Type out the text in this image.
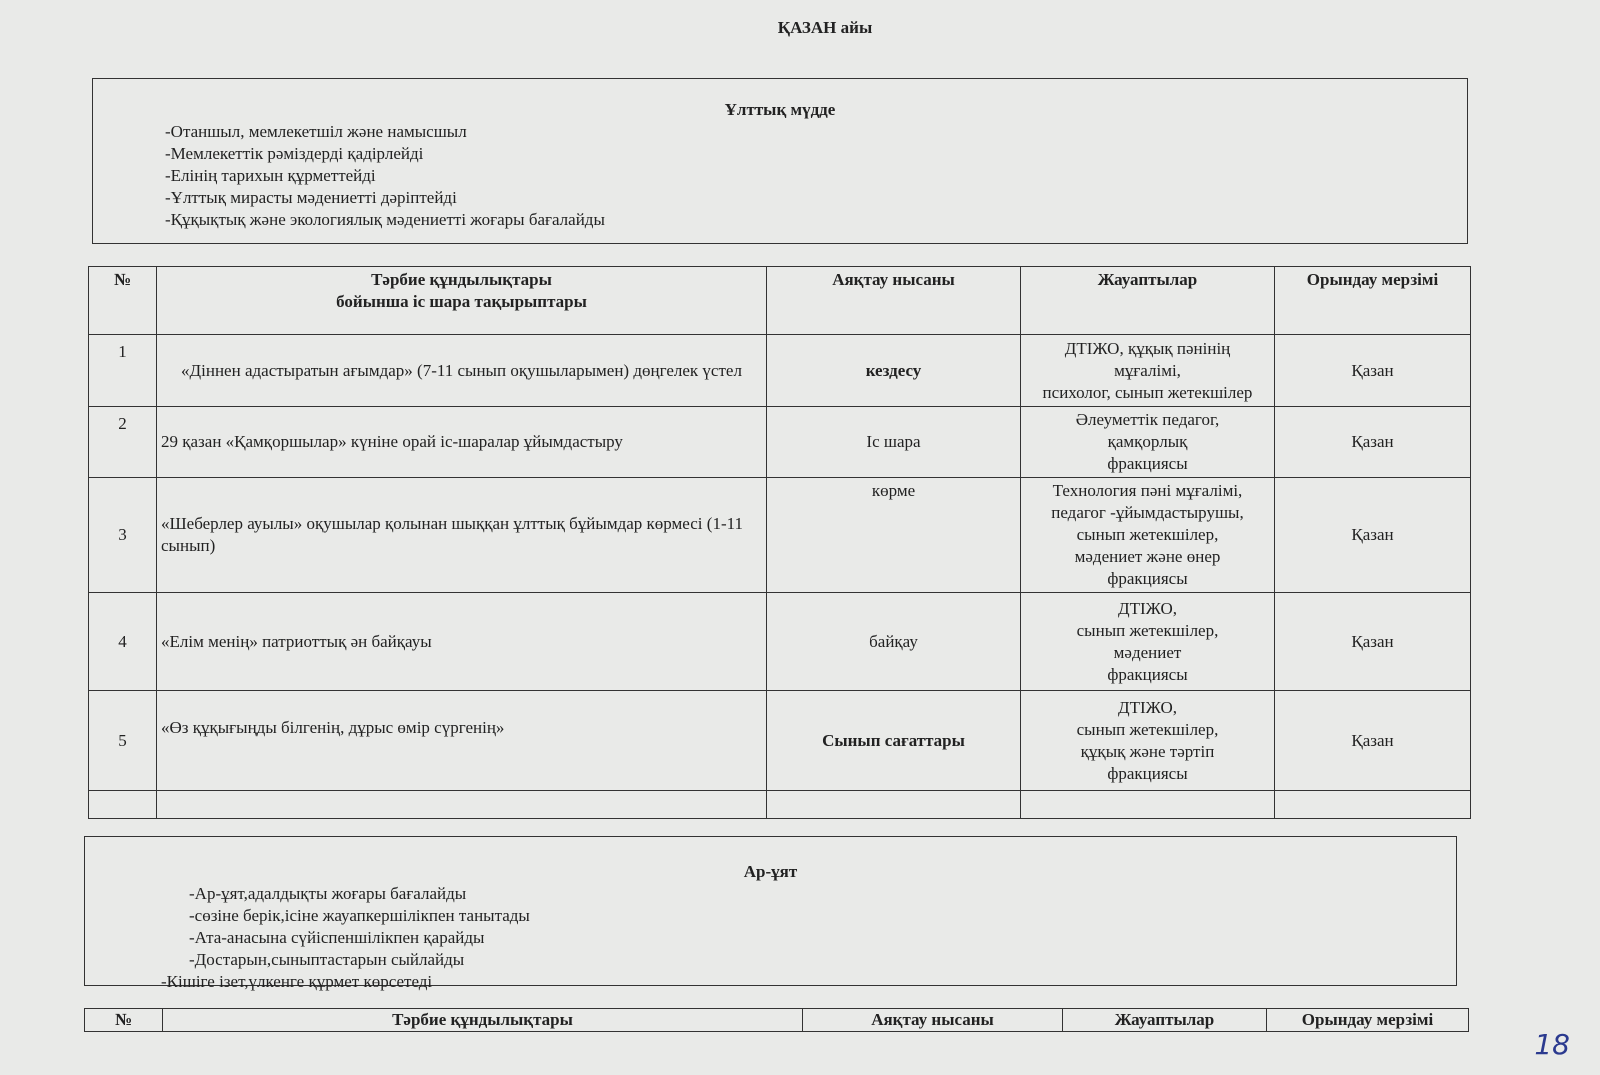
ҚАЗАН айы
Ұлттық мүдде
-Отаншыл, мемлекетшіл және намысшыл
-Мемлекеттік рәміздерді қадірлейді
-Елінің тарихын құрметтейді
-Ұлттық мирасты мәдениетті дәріптейді
-Құқықтық және экологиялық мәдениетті жоғары бағалайды
№	Тәрбие құндылықтары
бойынша іс шара тақырыптары	Аяқтау нысаны	Жауаптылар	Орындау мерзімі
1	«Діннен адастыратын ағымдар» (7-11 сынып оқушыларымен) дөңгелек үстел	кездесу	ДТІЖО, құқық пәнінің
мұғалімі,
психолог, сынып жетекшілер	Қазан
2	29 қазан «Қамқоршылар» күніне орай іс-шаралар ұйымдастыру	Іс шара	Әлеуметтік педагог,
қамқорлық
фракциясы	Қазан
3	«Шеберлер ауылы» оқушылар қолынан шыққан ұлттық бұйымдар көрмесі (1-11 сынып)	көрме	Технология пәні мұғалімі,
педагог -ұйымдастырушы,
сынып жетекшілер,
мәдениет және өнер
фракциясы	Қазан
4	«Елім менің» патриоттық ән байқауы	байқау	ДТІЖО,
сынып жетекшілер,
мәдениет
фракциясы	Қазан
5	«Өз құқығыңды білгенің, дұрыс өмір сүргенің»	Сынып сағаттары	ДТІЖО,
сынып жетекшілер,
құқық және тәртіп
фракциясы	Қазан

Ар-ұят
-Ар-ұят,адалдықты жоғары бағалайды
-сөзіне берік,ісіне жауапкершілікпен танытады
-Ата-анасына сүйіспеншілікпен қарайды
-Достарын,сыныптастарын сыйлайды
-Кішіге ізет,үлкенге құрмет көрсетеді
№	Тәрбие құндылықтары	Аяқтау нысаны	Жауаптылар	Орындау мерзімі
18
